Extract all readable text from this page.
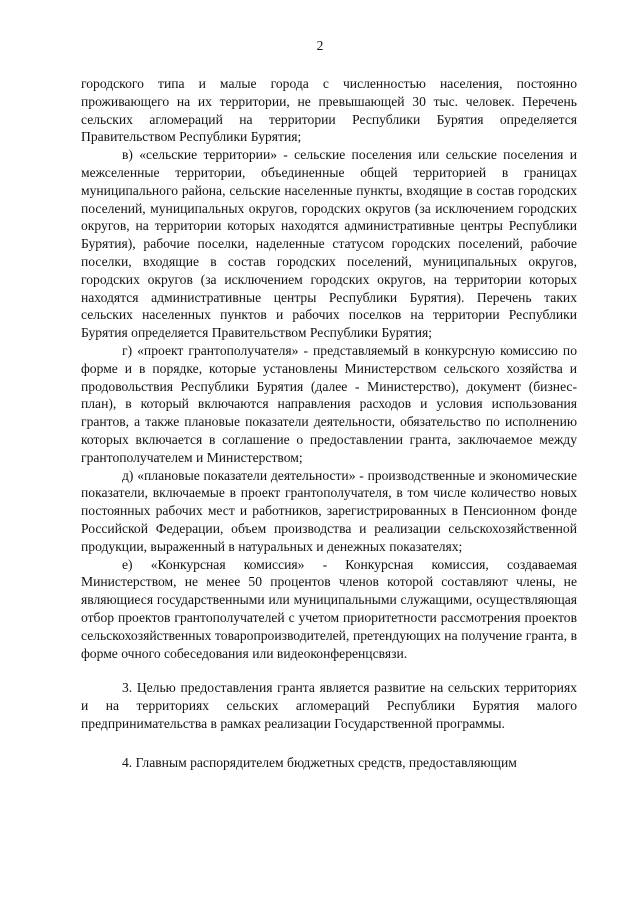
2

городского типа и малые города с численностью населения, постоянно проживающего на их территории, не превышающей 30 тыс. человек. Перечень сельских агломераций на территории Республики Бурятия определяется Правительством Республики Бурятия;

в) «сельские территории» - сельские поселения или сельские поселения и межселенные территории, объединенные общей территорией в границах муниципального района, сельские населенные пункты, входящие в состав городских поселений, муниципальных округов, городских округов (за исключением городских округов, на территории которых находятся административные центры Республики Бурятия), рабочие поселки, наделенные статусом городских поселений, рабочие поселки, входящие в состав городских поселений, муниципальных округов, городских округов (за исключением городских округов, на территории которых находятся административные центры Республики Бурятия). Перечень таких сельских населенных пунктов и рабочих поселков на территории Республики Бурятия определяется Правительством Республики Бурятия;

г) «проект грантополучателя» - представляемый в конкурсную комиссию по форме и в порядке, которые установлены Министерством сельского хозяйства и продовольствия Республики Бурятия (далее - Министерство), документ (бизнес-план), в который включаются направления расходов и условия использования грантов, а также плановые показатели деятельности, обязательство по исполнению которых включается в соглашение о предоставлении гранта, заключаемое между грантополучателем и Министерством;

д) «плановые показатели деятельности» - производственные и экономические показатели, включаемые в проект грантополучателя, в том числе количество новых постоянных рабочих мест и работников, зарегистрированных в Пенсионном фонде Российской Федерации, объем производства и реализации сельскохозяйственной продукции, выраженный в натуральных и денежных показателях;

е) «Конкурсная комиссия» - Конкурсная комиссия, создаваемая Министерством, не менее 50 процентов членов которой составляют члены, не являющиеся государственными или муниципальными служащими, осуществляющая отбор проектов грантополучателей с учетом приоритетности рассмотрения проектов сельскохозяйственных товаропроизводителей, претендующих на получение гранта, в форме очного собеседования или видеоконференцсвязи.

3. Целью предоставления гранта является развитие на сельских территориях и на территориях сельских агломераций Республики Бурятия малого предпринимательства в рамках реализации Государственной программы.

4. Главным распорядителем бюджетных средств, предоставляющим
